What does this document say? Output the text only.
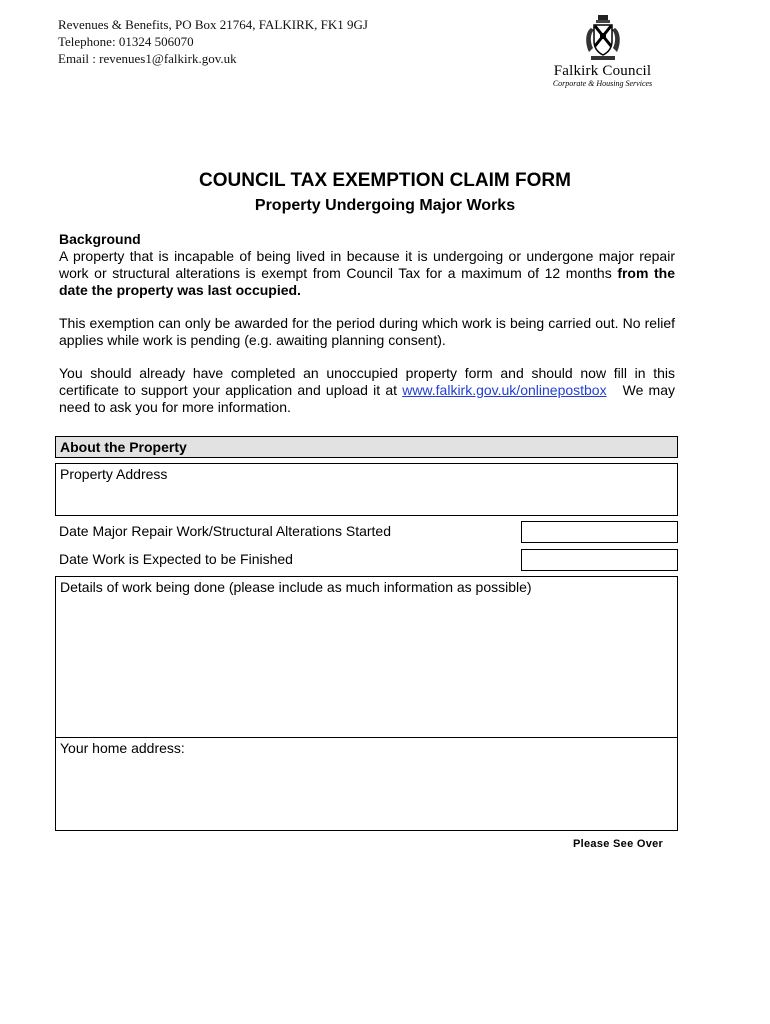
Revenues & Benefits, PO Box 21764, FALKIRK, FK1 9GJ
Telephone: 01324 506070
Email : revenues1@falkirk.gov.uk
Falkirk Council
Corporate & Housing Services
COUNCIL TAX EXEMPTION CLAIM FORM
Property Undergoing Major Works
Background
A property that is incapable of being lived in because it is undergoing or undergone major repair work or structural alterations is exempt from Council Tax for a maximum of 12 months from the date the property was last occupied.
This exemption can only be awarded for the period during which work is being carried out. No relief applies while work is pending (e.g. awaiting planning consent).
You should already have completed an unoccupied property form and should now fill in this certificate to support your application and upload it at www.falkirk.gov.uk/onlinepostbox We may need to ask you for more information.
About the Property
Property Address
Date Major Repair Work/Structural Alterations Started
Date Work is Expected to be Finished
Details of work being done (please include as much information as possible)
Your home address:
Please See Over
